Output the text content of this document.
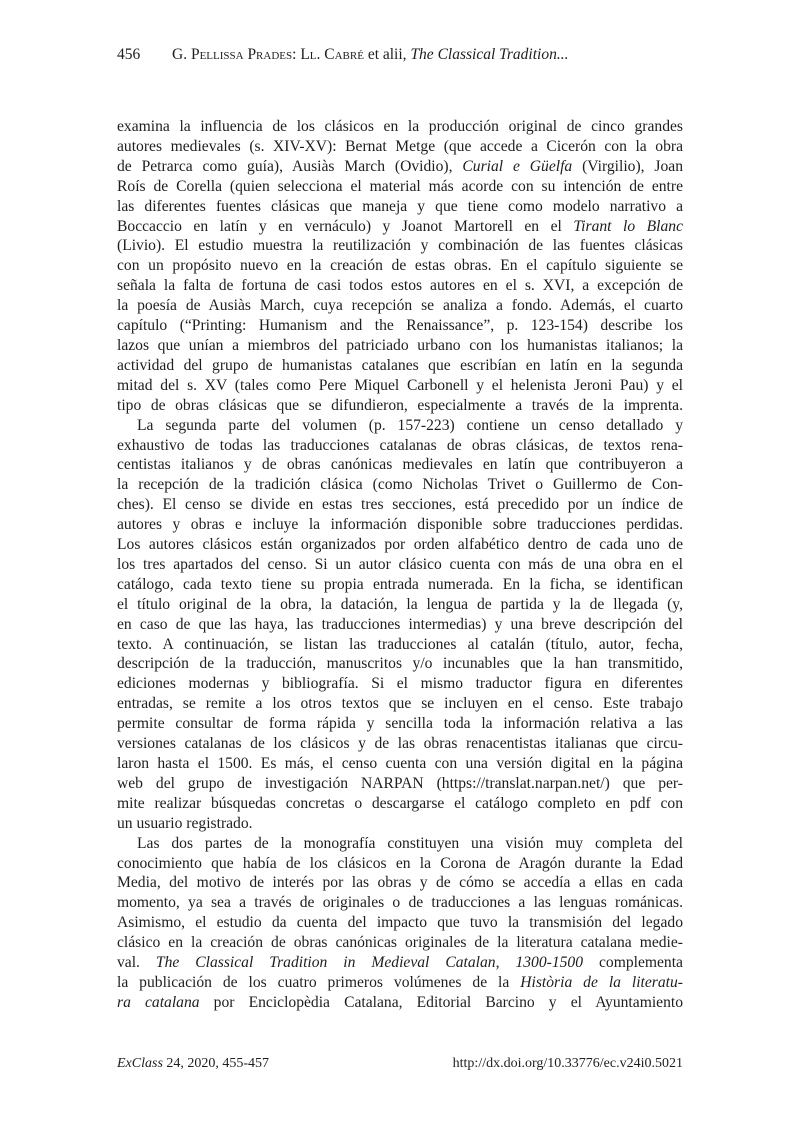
456 G. Pellissa Prades: Ll. Cabré et alii, The Classical Tradition...
examina la influencia de los clásicos en la producción original de cinco grandes
autores medievales (s. XIV-XV): Bernat Metge (que accede a Cicerón con la obra
de Petrarca como guía), Ausiàs March (Ovidio), Curial e Güelfa (Virgilio), Joan
Roís de Corella (quien selecciona el material más acorde con su intención de entre
las diferentes fuentes clásicas que maneja y que tiene como modelo narrativo a
Boccaccio en latín y en vernáculo) y Joanot Martorell en el Tirant lo Blanc
(Livio). El estudio muestra la reutilización y combinación de las fuentes clásicas
con un propósito nuevo en la creación de estas obras. En el capítulo siguiente se
señala la falta de fortuna de casi todos estos autores en el s. XVI, a excepción de
la poesía de Ausiàs March, cuya recepción se analiza a fondo. Además, el cuarto
capítulo (“Printing: Humanism and the Renaissance”, p. 123-154) describe los
lazos que unían a miembros del patriciado urbano con los humanistas italianos; la
actividad del grupo de humanistas catalanes que escribían en latín en la segunda
mitad del s. XV (tales como Pere Miquel Carbonell y el helenista Jeroni Pau) y el
tipo de obras clásicas que se difundieron, especialmente a través de la imprenta.
La segunda parte del volumen (p. 157-223) contiene un censo detallado y
exhaustivo de todas las traducciones catalanas de obras clásicas, de textos rena-
centistas italianos y de obras canónicas medievales en latín que contribuyeron a
la recepción de la tradición clásica (como Nicholas Trivet o Guillermo de Con-
ches). El censo se divide en estas tres secciones, está precedido por un índice de
autores y obras e incluye la información disponible sobre traducciones perdidas.
Los autores clásicos están organizados por orden alfabético dentro de cada uno de
los tres apartados del censo. Si un autor clásico cuenta con más de una obra en el
catálogo, cada texto tiene su propia entrada numerada. En la ficha, se identifican
el título original de la obra, la datación, la lengua de partida y la de llegada (y,
en caso de que las haya, las traducciones intermedias) y una breve descripción del
texto. A continuación, se listan las traducciones al catalán (título, autor, fecha,
descripción de la traducción, manuscritos y/o incunables que la han transmitido,
ediciones modernas y bibliografía. Si el mismo traductor figura en diferentes
entradas, se remite a los otros textos que se incluyen en el censo. Este trabajo
permite consultar de forma rápida y sencilla toda la información relativa a las
versiones catalanas de los clásicos y de las obras renacentistas italianas que circu-
laron hasta el 1500. Es más, el censo cuenta con una versión digital en la página
web del grupo de investigación NARPAN (https://translat.narpan.net/) que per-
mite realizar búsquedas concretas o descargarse el catálogo completo en pdf con
un usuario registrado.
Las dos partes de la monografía constituyen una visión muy completa del
conocimiento que había de los clásicos en la Corona de Aragón durante la Edad
Media, del motivo de interés por las obras y de cómo se accedía a ellas en cada
momento, ya sea a través de originales o de traducciones a las lenguas románicas.
Asimismo, el estudio da cuenta del impacto que tuvo la transmisión del legado
clásico en la creación de obras canónicas originales de la literatura catalana medie-
val. The Classical Tradition in Medieval Catalan, 1300-1500 complementa
la publicación de los cuatro primeros volúmenes de la Història de la literatu-
ra catalana por Enciclopèdia Catalana, Editorial Barcino y el Ayuntamiento
ExClass 24, 2020, 455-457	http://dx.doi.org/10.33776/ec.v24i0.5021
